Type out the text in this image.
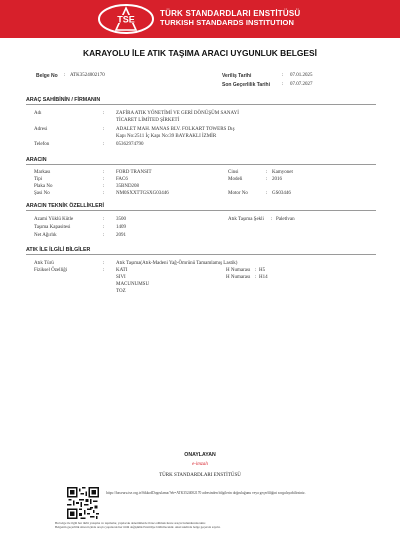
TSE
TÜRK STANDARDLARI ENSTİTÜSÜ
TURKISH STANDARDS INSTITUTION
KARAYOLU İLE ATIK TAŞIMA ARACI UYGUNLUK BELGESİ
Belge No : ATK3524002170	Veriliş Tarihi	: 07.01.2025
Son Geçerlilik Tarihi : 07.07.2027
ARAÇ SAHİBİNİN / FİRMANIN
Adı	: ZAFİRA ATIK YÖNETİMİ VE GERİ DÖNÜŞÜM SANAYİ
TİCARET LİMİTED ŞİRKETİ
Adresi	: ADALET MAH. MANAS BLV. FOLKART TOWERS Dış
Kapı No:2511 İç Kapı No:39 BAYRAKLI İZMİR
Telefon	: 05362974790
ARACIN
Markası	: FORD TRANSIT	Cinsi	: Kamyonet
Tipi	: FAC6	Modeli	: 2016
Plaka No	: 35BND208
Şasi No	: NM0SXXTTGSXG03446	Motor No	: GS03446
ARACIN TEKNİK ÖZELLİKLERİ
Azami Yüklü Kütle	: 3500	Atık Taşıma Şekli : Paletlvan
Taşıma Kapasitesi	: 1409
Net Ağırlık	: 2091
ATIK İLE İLGİLİ BİLGİLER
Atık Türü	: Atık Taşıma(Atık-Madeni Yağ-Ömrünü Tamamlamış Lastik)
Fiziksel Özelliği	: KATI
SIVI
MACUNUMSU
TOZ
H Numarası : H5
H Numarası : H14
ONAYLAYAN
e-imzalı
TÜRK STANDARDLARI ENSTİTÜSÜ
https://basvuru.tse.org.tr/SikkodDogrulama/?eb=ATK3524002170 adresinden bilgilerin doğruluğunu veya geçerliliğini sorgulayabilirsiniz.
Bu belge ile ilgili her türlü yazışma ve taşımalar, yapılacak denetimlerde ibraz edilmek üzere araçta bulundurulacaktır.
Belgenin geçerlilik süresi içinde araçta yapılacak her türlü değişiklik Enstitüye bildirilecektir. Aksi takdirde belge geçersiz sayılır.
